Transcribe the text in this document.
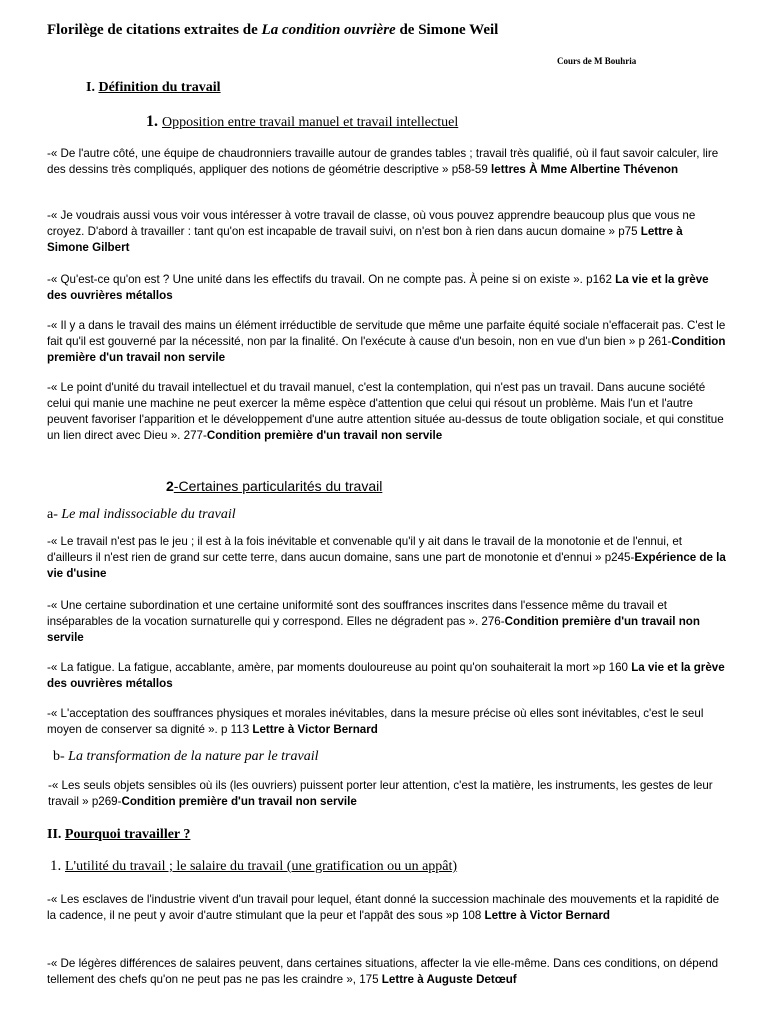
Florilège de citations extraites de La condition ouvrière de Simone Weil
Cours de M Bouhria
I. Définition du travail
1. Opposition entre travail manuel et travail intellectuel
-« De l'autre côté, une équipe de chaudronniers travaille autour de grandes tables ; travail très qualifié, où il faut savoir calculer, lire des dessins très compliqués, appliquer des notions de géométrie descriptive » p58-59 lettres À Mme Albertine Thévenon
-« Je voudrais aussi vous voir vous intéresser à votre travail de classe, où vous pouvez apprendre beaucoup plus que vous ne croyez. D'abord à travailler : tant qu'on est incapable de travail suivi, on n'est bon à rien dans aucun domaine » p75 Lettre à Simone Gilbert
-« Qu'est-ce qu'on est ? Une unité dans les effectifs du travail. On ne compte pas. À peine si on existe ». p162 La vie et la grève des ouvrières métallos
-« Il y a dans le travail des mains un élément irréductible de servitude que même une parfaite équité sociale n'effacerait pas. C'est le fait qu'il est gouverné par la nécessité, non par la finalité. On l'exécute à cause d'un besoin, non en vue d'un bien » p 261-Condition première d'un travail non servile
-« Le point d'unité du travail intellectuel et du travail manuel, c'est la contemplation, qui n'est pas un travail. Dans aucune société celui qui manie une machine ne peut exercer la même espèce d'attention que celui qui résout un problème. Mais l'un et l'autre peuvent favoriser l'apparition et le développement d'une autre attention située au-dessus de toute obligation sociale, et qui constitue un lien direct avec Dieu ». 277-Condition première d'un travail non servile
2-Certaines particularités du travail
a- Le mal indissociable du travail
-« Le travail n'est pas le jeu ; il est à la fois inévitable et convenable qu'il y ait dans le travail de la monotonie et de l'ennui, et d'ailleurs il n'est rien de grand sur cette terre, dans aucun domaine, sans une part de monotonie et d'ennui » p245-Expérience de la vie d'usine
-« Une certaine subordination et une certaine uniformité sont des souffrances inscrites dans l'essence même du travail et inséparables de la vocation surnaturelle qui y correspond. Elles ne dégradent pas ». 276-Condition première d'un travail non servile
-« La fatigue. La fatigue, accablante, amère, par moments douloureuse au point qu'on souhaiterait la mort »p 160 La vie et la grève des ouvrières métallos
-« L'acceptation des souffrances physiques et morales inévitables, dans la mesure précise où elles sont inévitables, c'est le seul moyen de conserver sa dignité ». p 113 Lettre à Victor Bernard
b- La transformation de la nature par le travail
-« Les seuls objets sensibles où ils (les ouvriers) puissent porter leur attention, c'est la matière, les instruments, les gestes de leur travail » p269-Condition première d'un travail non servile
II. Pourquoi travailler ?
1. L'utilité du travail ; le salaire du travail (une gratification ou un appât)
-« Les esclaves de l'industrie vivent d'un travail pour lequel, étant donné la succession machinale des mouvements et la rapidité de la cadence, il ne peut y avoir d'autre stimulant que la peur et l'appât des sous »p 108 Lettre à Victor Bernard
-« De légères différences de salaires peuvent, dans certaines situations, affecter la vie elle-même. Dans ces conditions, on dépend tellement des chefs qu'on ne peut pas ne pas les craindre », 175 Lettre à Auguste Detœuf
